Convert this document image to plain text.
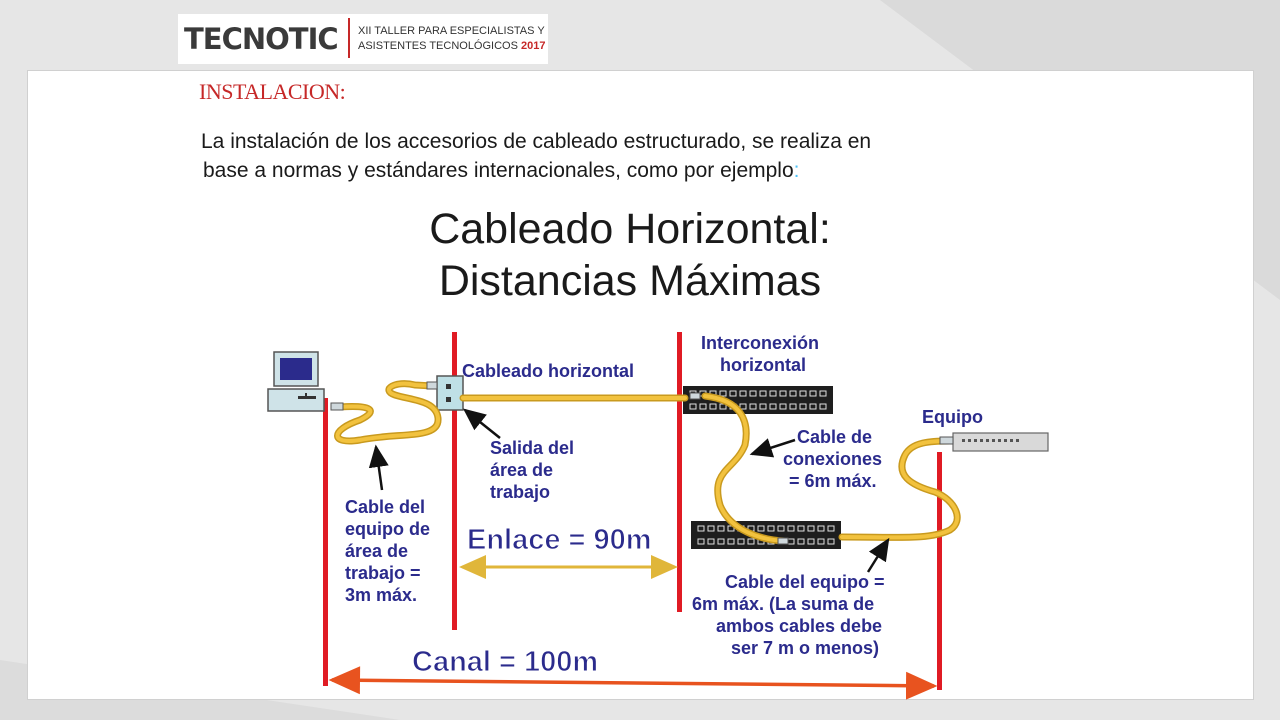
TECNOTIC XII TALLER PARA ESPECIALISTAS Y
ASISTENTES TECNOLÓGICOS 2017
INSTALACION:
La instalación de los accesorios de cableado estructurado, se realiza en
base a normas y estándares internacionales, como por ejemplo:
Cableado Horizontal:
Distancias Máximas
Cableado horizontal
Interconexión
horizontal
Equipo
Salida del
área de
trabajo
Cable de
conexiones
= 6m máx.
Cable del
equipo de
área de
trabajo =
3m máx.
Cable del equipo =
6m máx. (La suma de
ambos cables debe
ser 7 m o menos)
Enlace = 90m
Canal = 100m
